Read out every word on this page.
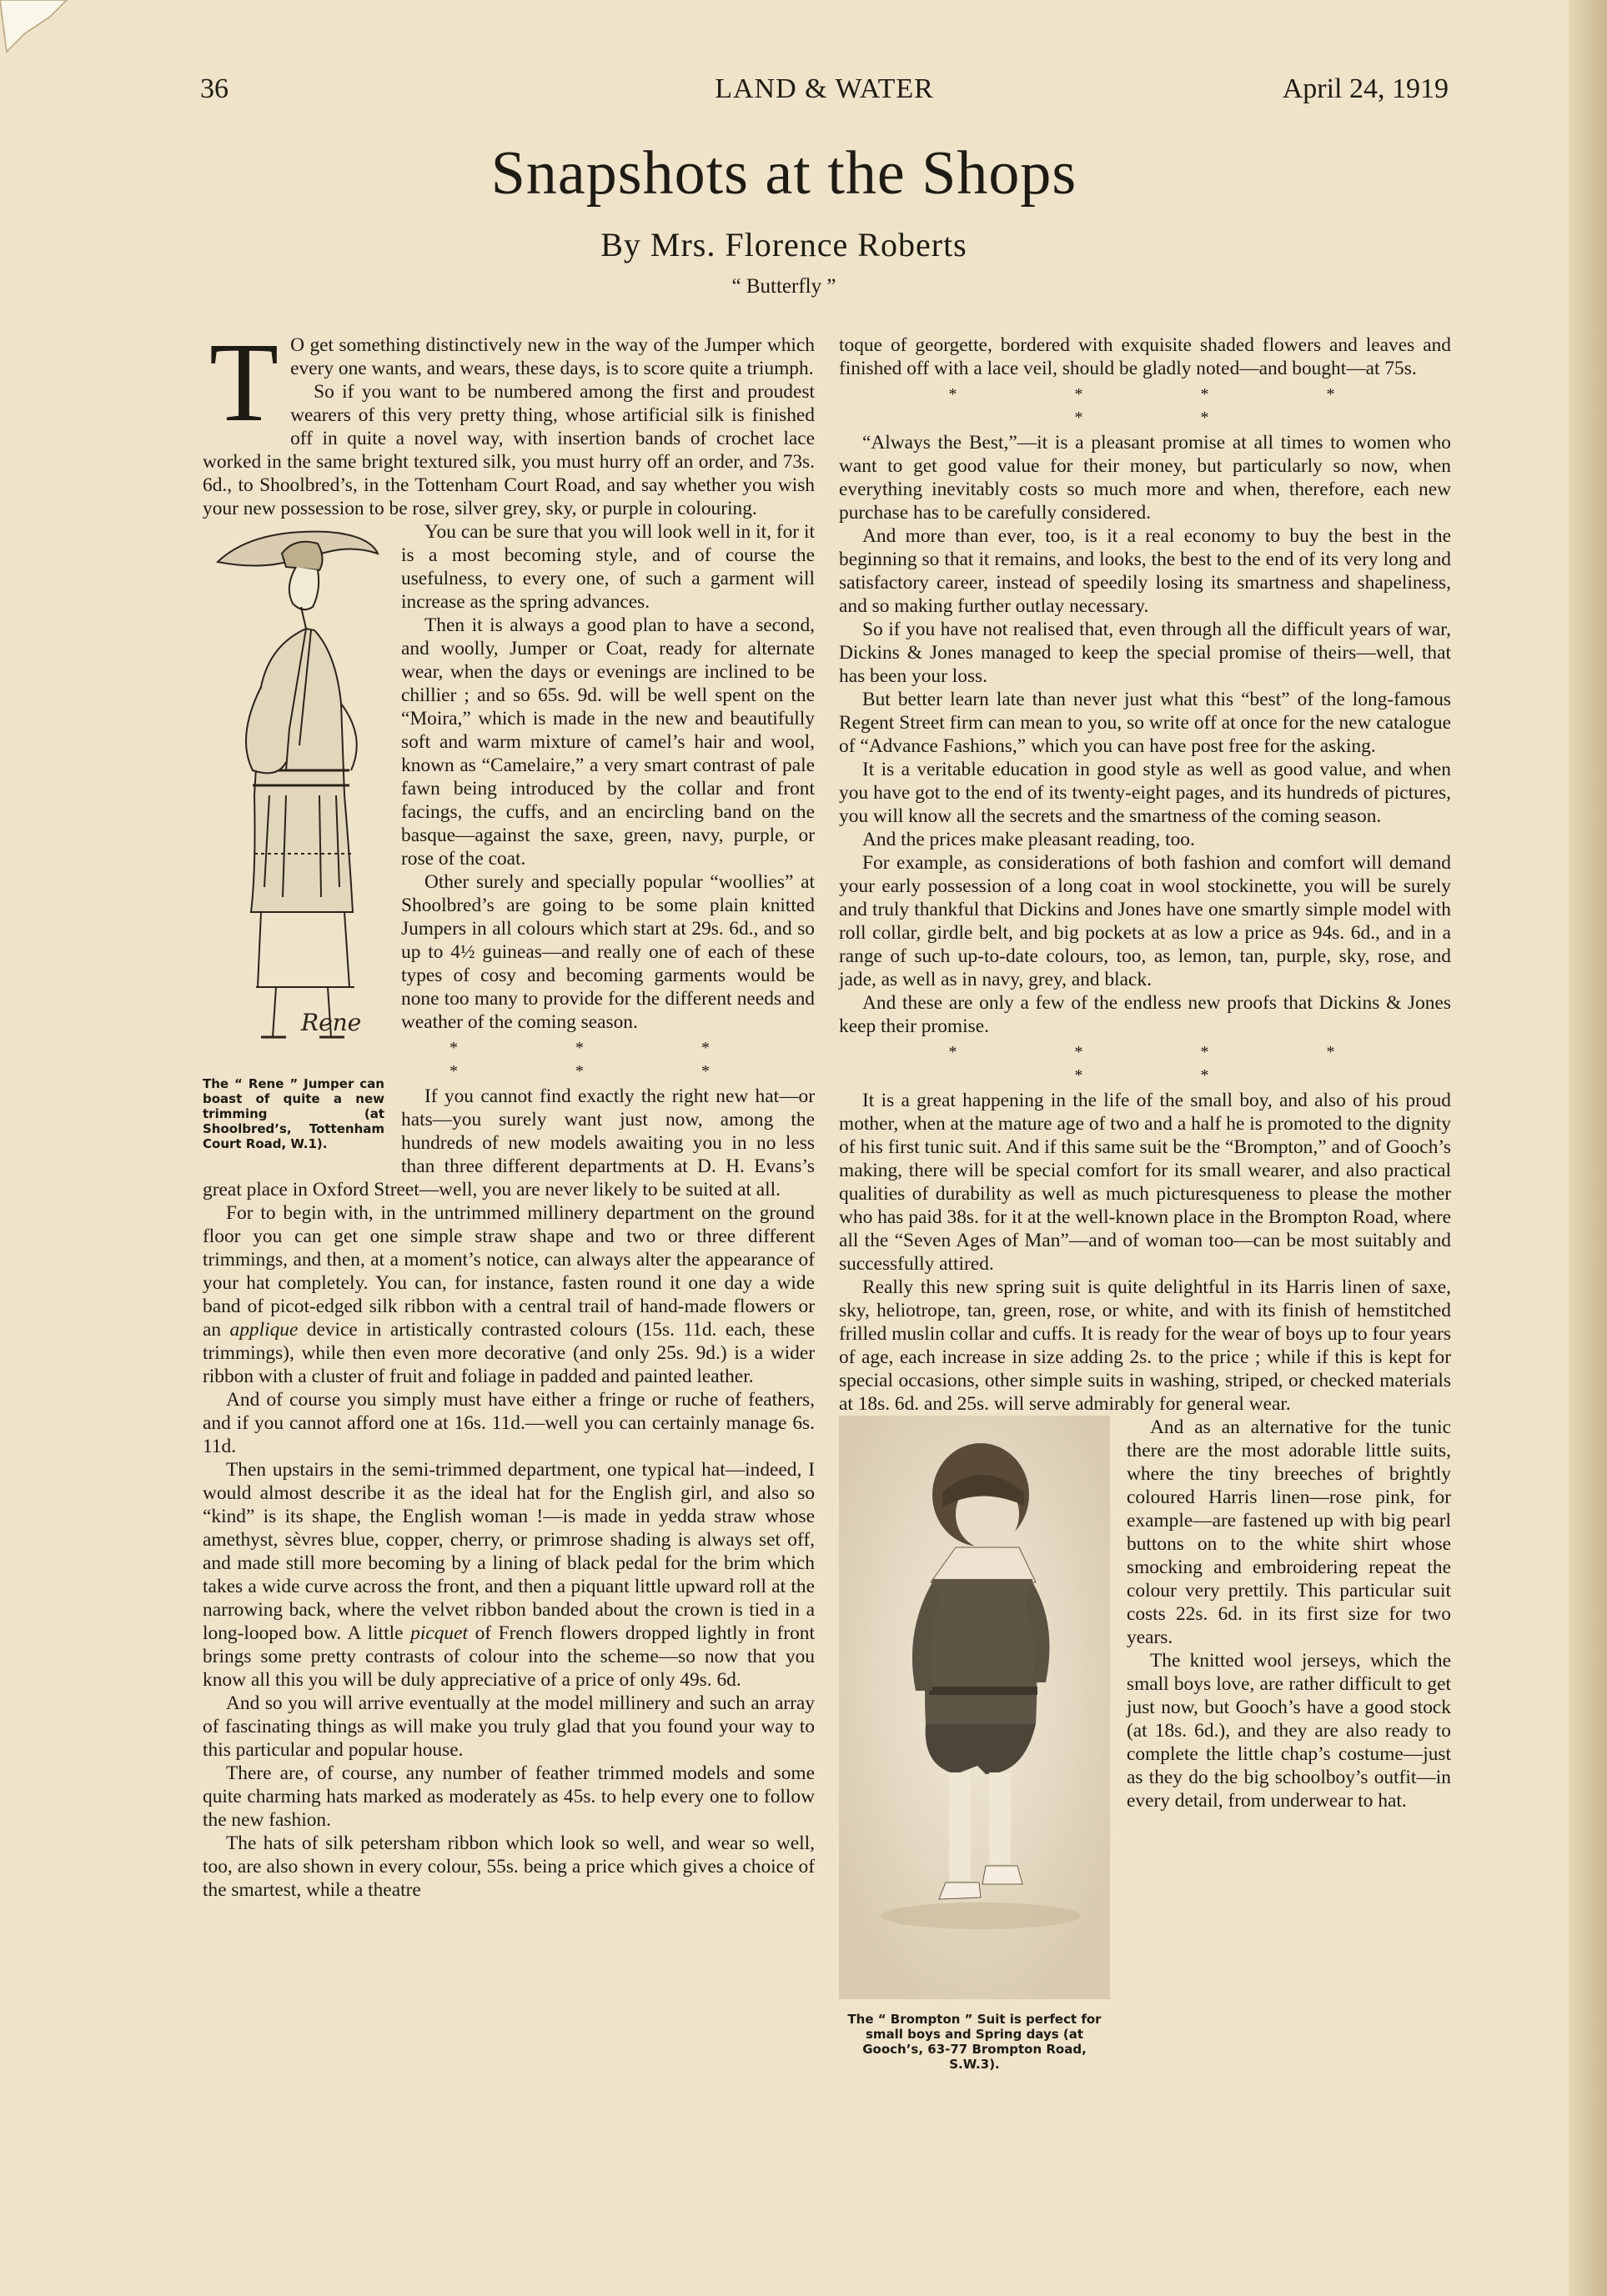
36	LAND & WATER	April 24, 1919
Snapshots at the Shops
By Mrs. Florence Roberts
“ Butterfly ”

T O get something distinctively new in the way of the Jumper which every one wants, and wears, these days, is to score quite a triumph.

So if you want to be numbered among the first and proudest wearers of this very pretty thing, whose artificial silk is finished off in quite a novel way, with insertion bands of crochet lace worked in the same bright textured silk, you must hurry off an order, and 73s. 6d., to Shoolbred’s, in the Tottenham Court Road, and say whether you wish your new possession to be rose, silver grey, sky, or purple in colouring.

Rene
The “ Rene ” Jumper can boast of quite a new trimming (at Shoolbred’s, Tottenham Court Road, W.1).

You can be sure that you will look well in it, for it is a most becoming style, and of course the usefulness, to every one, of such a garment will increase as the spring advances.

Then it is always a good plan to have a second, and woolly, Jumper or Coat, ready for alternate wear, when the days or evenings are inclined to be chillier ; and so 65s. 9d. will be well spent on the “Moira,” which is made in the new and beautifully soft and warm mixture of camel’s hair and wool, known as “Camelaire,” a very smart contrast of pale fawn being introduced by the collar and front facings, the cuffs, and an encircling band on the basque—against the saxe, green, navy, purple, or rose of the coat.

Other surely and specially popular “woollies” at Shoolbred’s are going to be some plain knitted Jumpers in all colours which start at 29s. 6d., and so up to 4½ guineas—and really one of each of these types of cosy and becoming garments would be none too many to provide for the different needs and weather of the coming season.

* * * * * *

If you cannot find exactly the right new hat—or hats—you surely want just now, among the hundreds of new models awaiting you in no less than three different departments at D. H. Evans’s great place in Oxford Street—well, you are never likely to be suited at all.

For to begin with, in the untrimmed millinery department on the ground floor you can get one simple straw shape and two or three different trimmings, and then, at a moment’s notice, can always alter the appearance of your hat completely. You can, for instance, fasten round it one day a wide band of picot-edged silk ribbon with a central trail of hand-made flowers or an applique device in artistically contrasted colours (15s. 11d. each, these trimmings), while then even more decorative (and only 25s. 9d.) is a wider ribbon with a cluster of fruit and foliage in padded and painted leather.

And of course you simply must have either a fringe or ruche of feathers, and if you cannot afford one at 16s. 11d.—well you can certainly manage 6s. 11d.

Then upstairs in the semi-trimmed department, one typical hat—indeed, I would almost describe it as the ideal hat for the English girl, and also so “kind” is its shape, the English woman !—is made in yedda straw whose amethyst, sèvres blue, copper, cherry, or primrose shading is always set off, and made still more becoming by a lining of black pedal for the brim which takes a wide curve across the front, and then a piquant little upward roll at the narrowing back, where the velvet ribbon banded about the crown is tied in a long-looped bow. A little picquet of French flowers dropped lightly in front brings some pretty contrasts of colour into the scheme—so now that you know all this you will be duly appreciative of a price of only 49s. 6d.

And so you will arrive eventually at the model millinery and such an array of fascinating things as will make you truly glad that you found your way to this particular and popular house.

There are, of course, any number of feather trimmed models and some quite charming hats marked as moderately as 45s. to help every one to follow the new fashion.

The hats of silk petersham ribbon which look so well, and wear so well, too, are also shown in every colour, 55s. being a price which gives a choice of the smartest, while a theatre

toque of georgette, bordered with exquisite shaded flowers and leaves and finished off with a lace veil, should be gladly noted—and bought—at 75s.

* * * * * *

“Always the Best,”—it is a pleasant promise at all times to women who want to get good value for their money, but particularly so now, when everything inevitably costs so much more and when, therefore, each new purchase has to be carefully considered.

And more than ever, too, is it a real economy to buy the best in the beginning so that it remains, and looks, the best to the end of its very long and satisfactory career, instead of speedily losing its smartness and shapeliness, and so making further outlay necessary.

So if you have not realised that, even through all the difficult years of war, Dickins & Jones managed to keep the special promise of theirs—well, that has been your loss.

But better learn late than never just what this “best” of the long-famous Regent Street firm can mean to you, so write off at once for the new catalogue of “Advance Fashions,” which you can have post free for the asking.

It is a veritable education in good style as well as good value, and when you have got to the end of its twenty-eight pages, and its hundreds of pictures, you will know all the secrets and the smartness of the coming season.

And the prices make pleasant reading, too.

For example, as considerations of both fashion and comfort will demand your early possession of a long coat in wool stockinette, you will be surely and truly thankful that Dickins and Jones have one smartly simple model with roll collar, girdle belt, and big pockets at as low a price as 94s. 6d., and in a range of such up-to-date colours, too, as lemon, tan, purple, sky, rose, and jade, as well as in navy, grey, and black.

And these are only a few of the endless new proofs that Dickins & Jones keep their promise.

* * * * * *

It is a great happening in the life of the small boy, and also of his proud mother, when at the mature age of two and a half he is promoted to the dignity of his first tunic suit. And if this same suit be the “Brompton,” and of Gooch’s making, there will be special comfort for its small wearer, and also practical qualities of durability as well as much picturesqueness to please the mother who has paid 38s. for it at the well-known place in the Brompton Road, where all the “Seven Ages of Man”—and of woman too—can be most suitably and successfully attired.

Really this new spring suit is quite delightful in its Harris linen of saxe, sky, heliotrope, tan, green, rose, or white, and with its finish of hemstitched frilled muslin collar and cuffs. It is ready for the wear of boys up to four years of age, each increase in size adding 2s. to the price ; while if this is kept for special occasions, other simple suits in washing, striped, or checked materials at 18s. 6d. and 25s. will serve admirably for general wear.

The “ Brompton ” Suit is perfect for small boys and Spring days (at Gooch’s, 63-77 Brompton Road, S.W.3).

And as an alternative for the tunic there are the most adorable little suits, where the tiny breeches of brightly coloured Harris linen—rose pink, for example—are fastened up with big pearl buttons on to the white shirt whose smocking and embroidering repeat the colour very prettily. This particular suit costs 22s. 6d. in its first size for two years.

The knitted wool jerseys, which the small boys love, are rather difficult to get just now, but Gooch’s have a good stock (at 18s. 6d.), and they are also ready to complete the little chap’s costume—just as they do the big schoolboy’s outfit—in every detail, from underwear to hat.
